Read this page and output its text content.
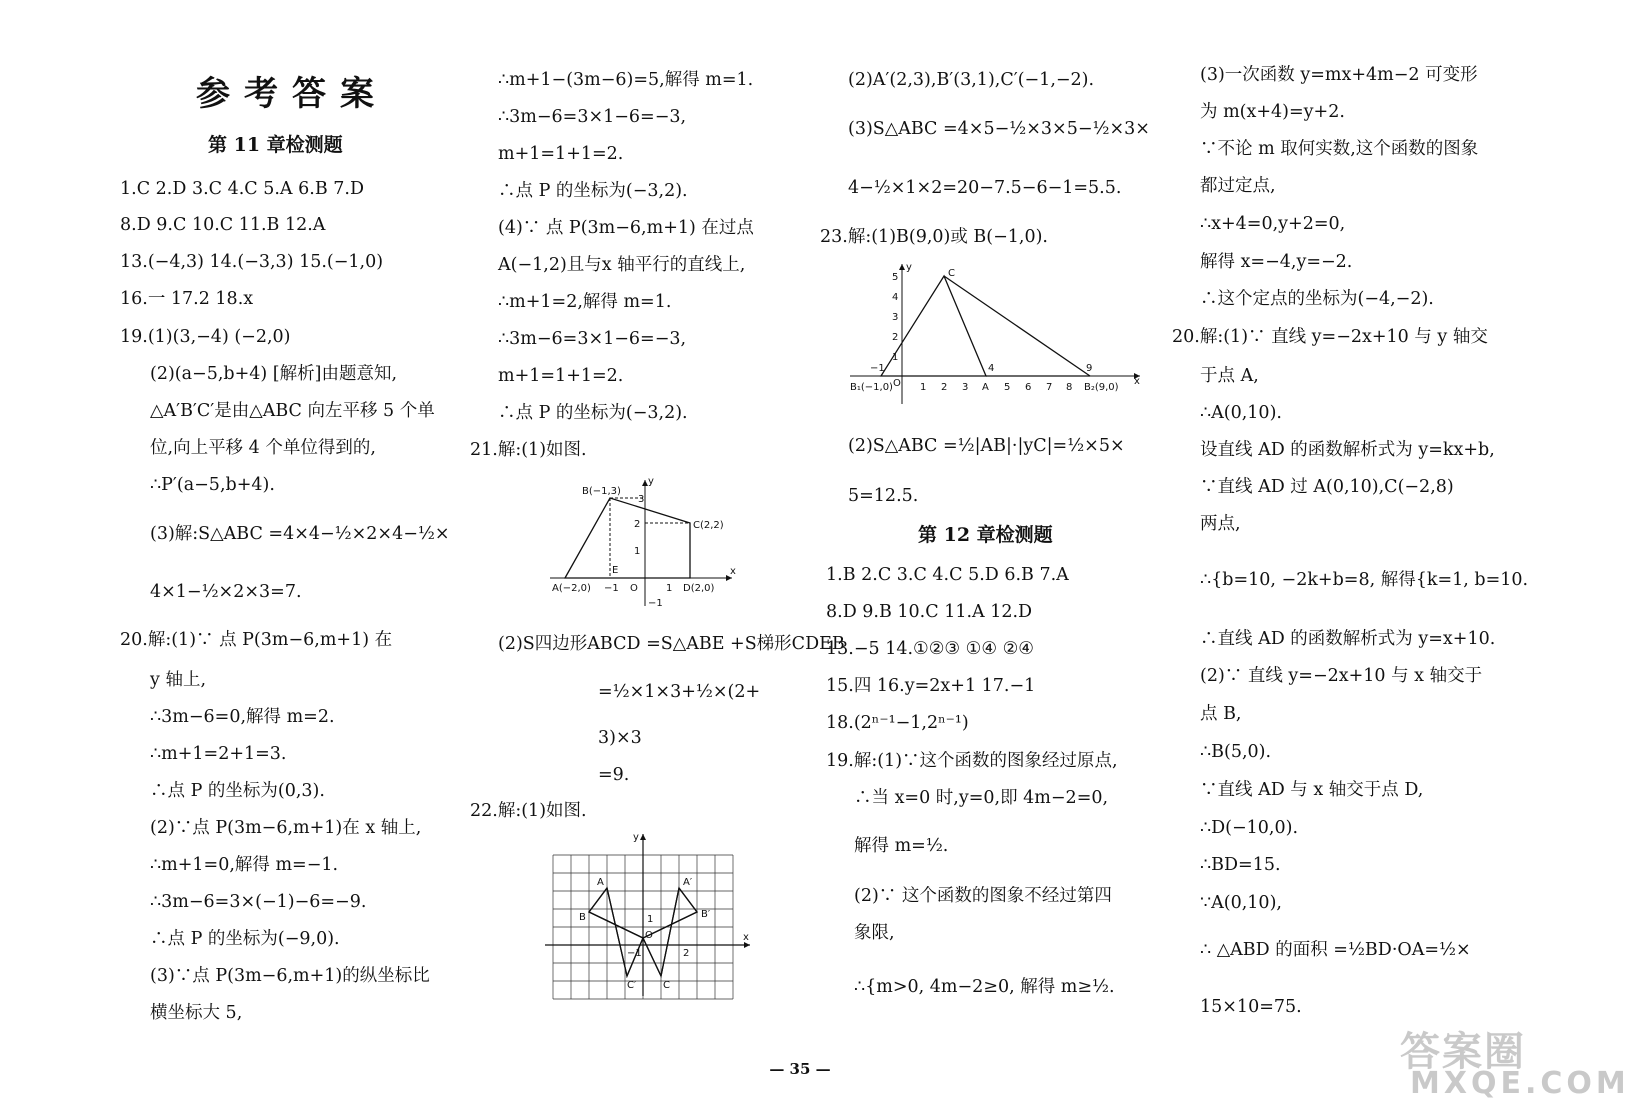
参考答案
第 11 章检测题
1.C 2.D 3.C 4.C 5.A 6.B 7.D
8.D 9.C 10.C 11.B 12.A
13.(−4,3) 14.(−3,3) 15.(−1,0)
16.一 17.2 18.x
19.(1)(3,−4) (−2,0)
(2)(a−5,b+4) [解析]由题意知,
△A′B′C′是由△ABC 向左平移 5 个单
位,向上平移 4 个单位得到的,
∴P′(a−5,b+4).
(3)解:S△ABC =4×4−½×2×4−½×
4×1−½×2×3=7.
20.解:(1)∵ 点 P(3m−6,m+1) 在
y 轴上,
∴3m−6=0,解得 m=2.
∴m+1=2+1=3.
∴点 P 的坐标为(0,3).
(2)∵点 P(3m−6,m+1)在 x 轴上,
∴m+1=0,解得 m=−1.
∴3m−6=3×(−1)−6=−9.
∴点 P 的坐标为(−9,0).
(3)∵点 P(3m−6,m+1)的纵坐标比
横坐标大 5,
∴m+1−(3m−6)=5,解得 m=1.
∴3m−6=3×1−6=−3,
m+1=1+1=2.
∴点 P 的坐标为(−3,2).
(4)∵ 点 P(3m−6,m+1) 在过点
A(−1,2)且与x 轴平行的直线上,
∴m+1=2,解得 m=1.
∴3m−6=3×1−6=−3,
m+1=1+1=2.
∴点 P 的坐标为(−3,2).
21.解:(1)如图.
(2)S四边形ABCD =S△ABE +S梯形CDEB
=½×1×3+½×(2+
3)×3
=9.
22.解:(1)如图.
(2)A′(2,3),B′(3,1),C′(−1,−2).
(3)S△ABC =4×5−½×3×5−½×3×
4−½×1×2=20−7.5−6−1=5.5.
23.解:(1)B(9,0)或 B(−1,0).
(2)S△ABC =½|AB|·|yC|=½×5×
5=12.5.
第 12 章检测题
1.B 2.C 3.C 4.C 5.D 6.B 7.A
8.D 9.B 10.C 11.A 12.D
13.−5 14.①②③ ①④ ②④
15.四 16.y=2x+1 17.−1
18.(2ⁿ⁻¹−1,2ⁿ⁻¹)
19.解:(1)∵这个函数的图象经过原点,
∴当 x=0 时,y=0,即 4m−2=0,
解得 m=½.
(2)∵ 这个函数的图象不经过第四
象限,
∴{m>0, 4m−2≥0, 解得 m≥½.
(3)一次函数 y=mx+4m−2 可变形
为 m(x+4)=y+2.
∵不论 m 取何实数,这个函数的图象
都过定点,
∴x+4=0,y+2=0,
解得 x=−4,y=−2.
∴这个定点的坐标为(−4,−2).
20.解:(1)∵ 直线 y=−2x+10 与 y 轴交
于点 A,
∴A(0,10).
设直线 AD 的函数解析式为 y=kx+b,
∵直线 AD 过 A(0,10),C(−2,8)
两点,
∴{b=10, −2k+b=8, 解得{k=1, b=10.
∴直线 AD 的函数解析式为 y=x+10.
(2)∵ 直线 y=−2x+10 与 x 轴交于
点 B,
∴B(5,0).
∵直线 AD 与 x 轴交于点 D,
∴D(−10,0).
∴BD=15.
∵A(0,10),
∴ △ABD 的面积 =½BD·OA=½×
15×10=75.
B(−1,3)
C(2,2)
A(−2,0)	D(2,0)
E
O
x
y
3
2
1
−1	1
−1
A	A′
B	B′
C
C′
O	x
y
1
2
−1
1 2 3	5 6 7 8
1
2
3
4
5	C
A
B₁(−1,0)	B₂(9,0)
O	x
y
4	9
−1
— 35 —	答案圈
MXQE.COM
